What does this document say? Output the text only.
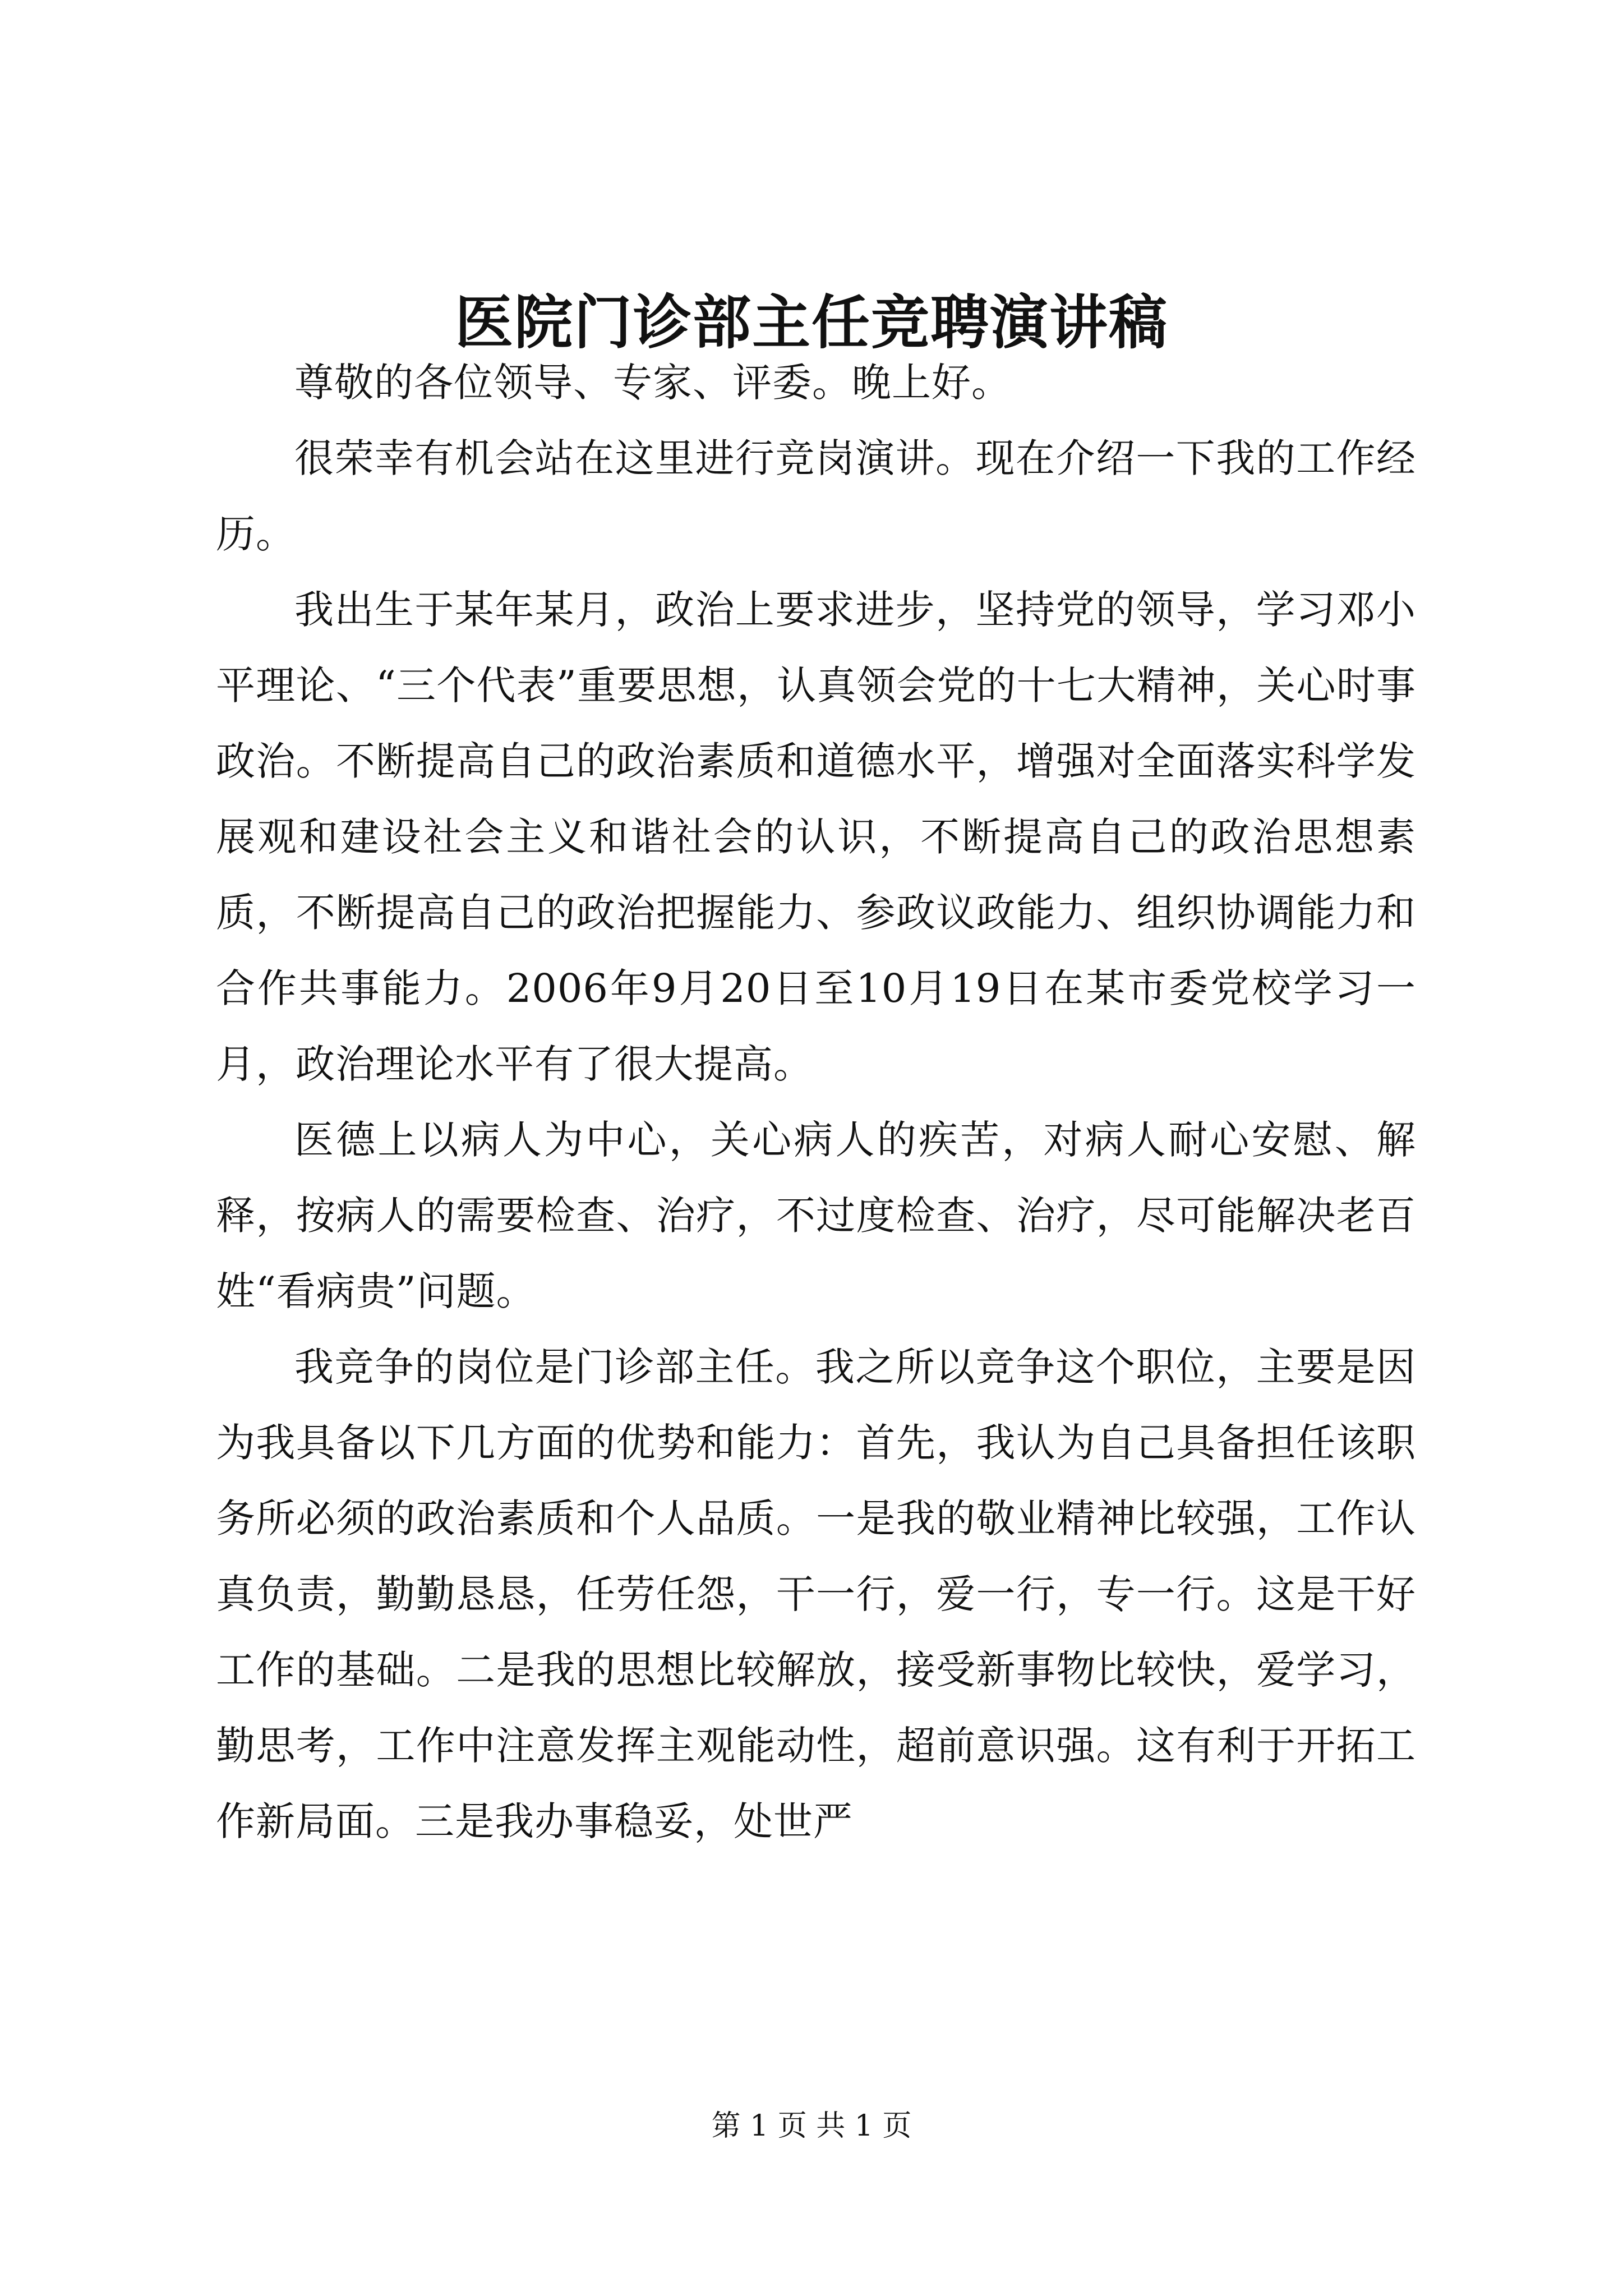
医院门诊部主任竞聘演讲稿

尊敬的各位领导、专家、评委。晚上好。

很荣幸有机会站在这里进行竞岗演讲。现在介绍一下我的工作经历。

我出生于某年某月，政治上要求进步，坚持党的领导，学习邓小平理论、“三个代表”重要思想，认真领会党的十七大精神，关心时事政治。不断提高自己的政治素质和道德水平，增强对全面落实科学发展观和建设社会主义和谐社会的认识，不断提高自己的政治思想素质，不断提高自己的政治把握能力、参政议政能力、组织协调能力和合作共事能力。2006年9月20日至10月19日在某市委党校学习一月，政治理论水平有了很大提高。

医德上以病人为中心，关心病人的疾苦，对病人耐心安慰、解释，按病人的需要检查、治疗，不过度检查、治疗，尽可能解决老百姓“看病贵”问题。

我竞争的岗位是门诊部主任。我之所以竞争这个职位，主要是因为我具备以下几方面的优势和能力：首先，我认为自己具备担任该职务所必须的政治素质和个人品质。一是我的敬业精神比较强，工作认真负责，勤勤恳恳，任劳任怨，干一行，爱一行，专一行。这是干好工作的基础。二是我的思想比较解放，接受新事物比较快，爱学习，勤思考，工作中注意发挥主观能动性，超前意识强。这有利于开拓工作新局面。三是我办事稳妥，处世严

第 1 页 共 1 页
